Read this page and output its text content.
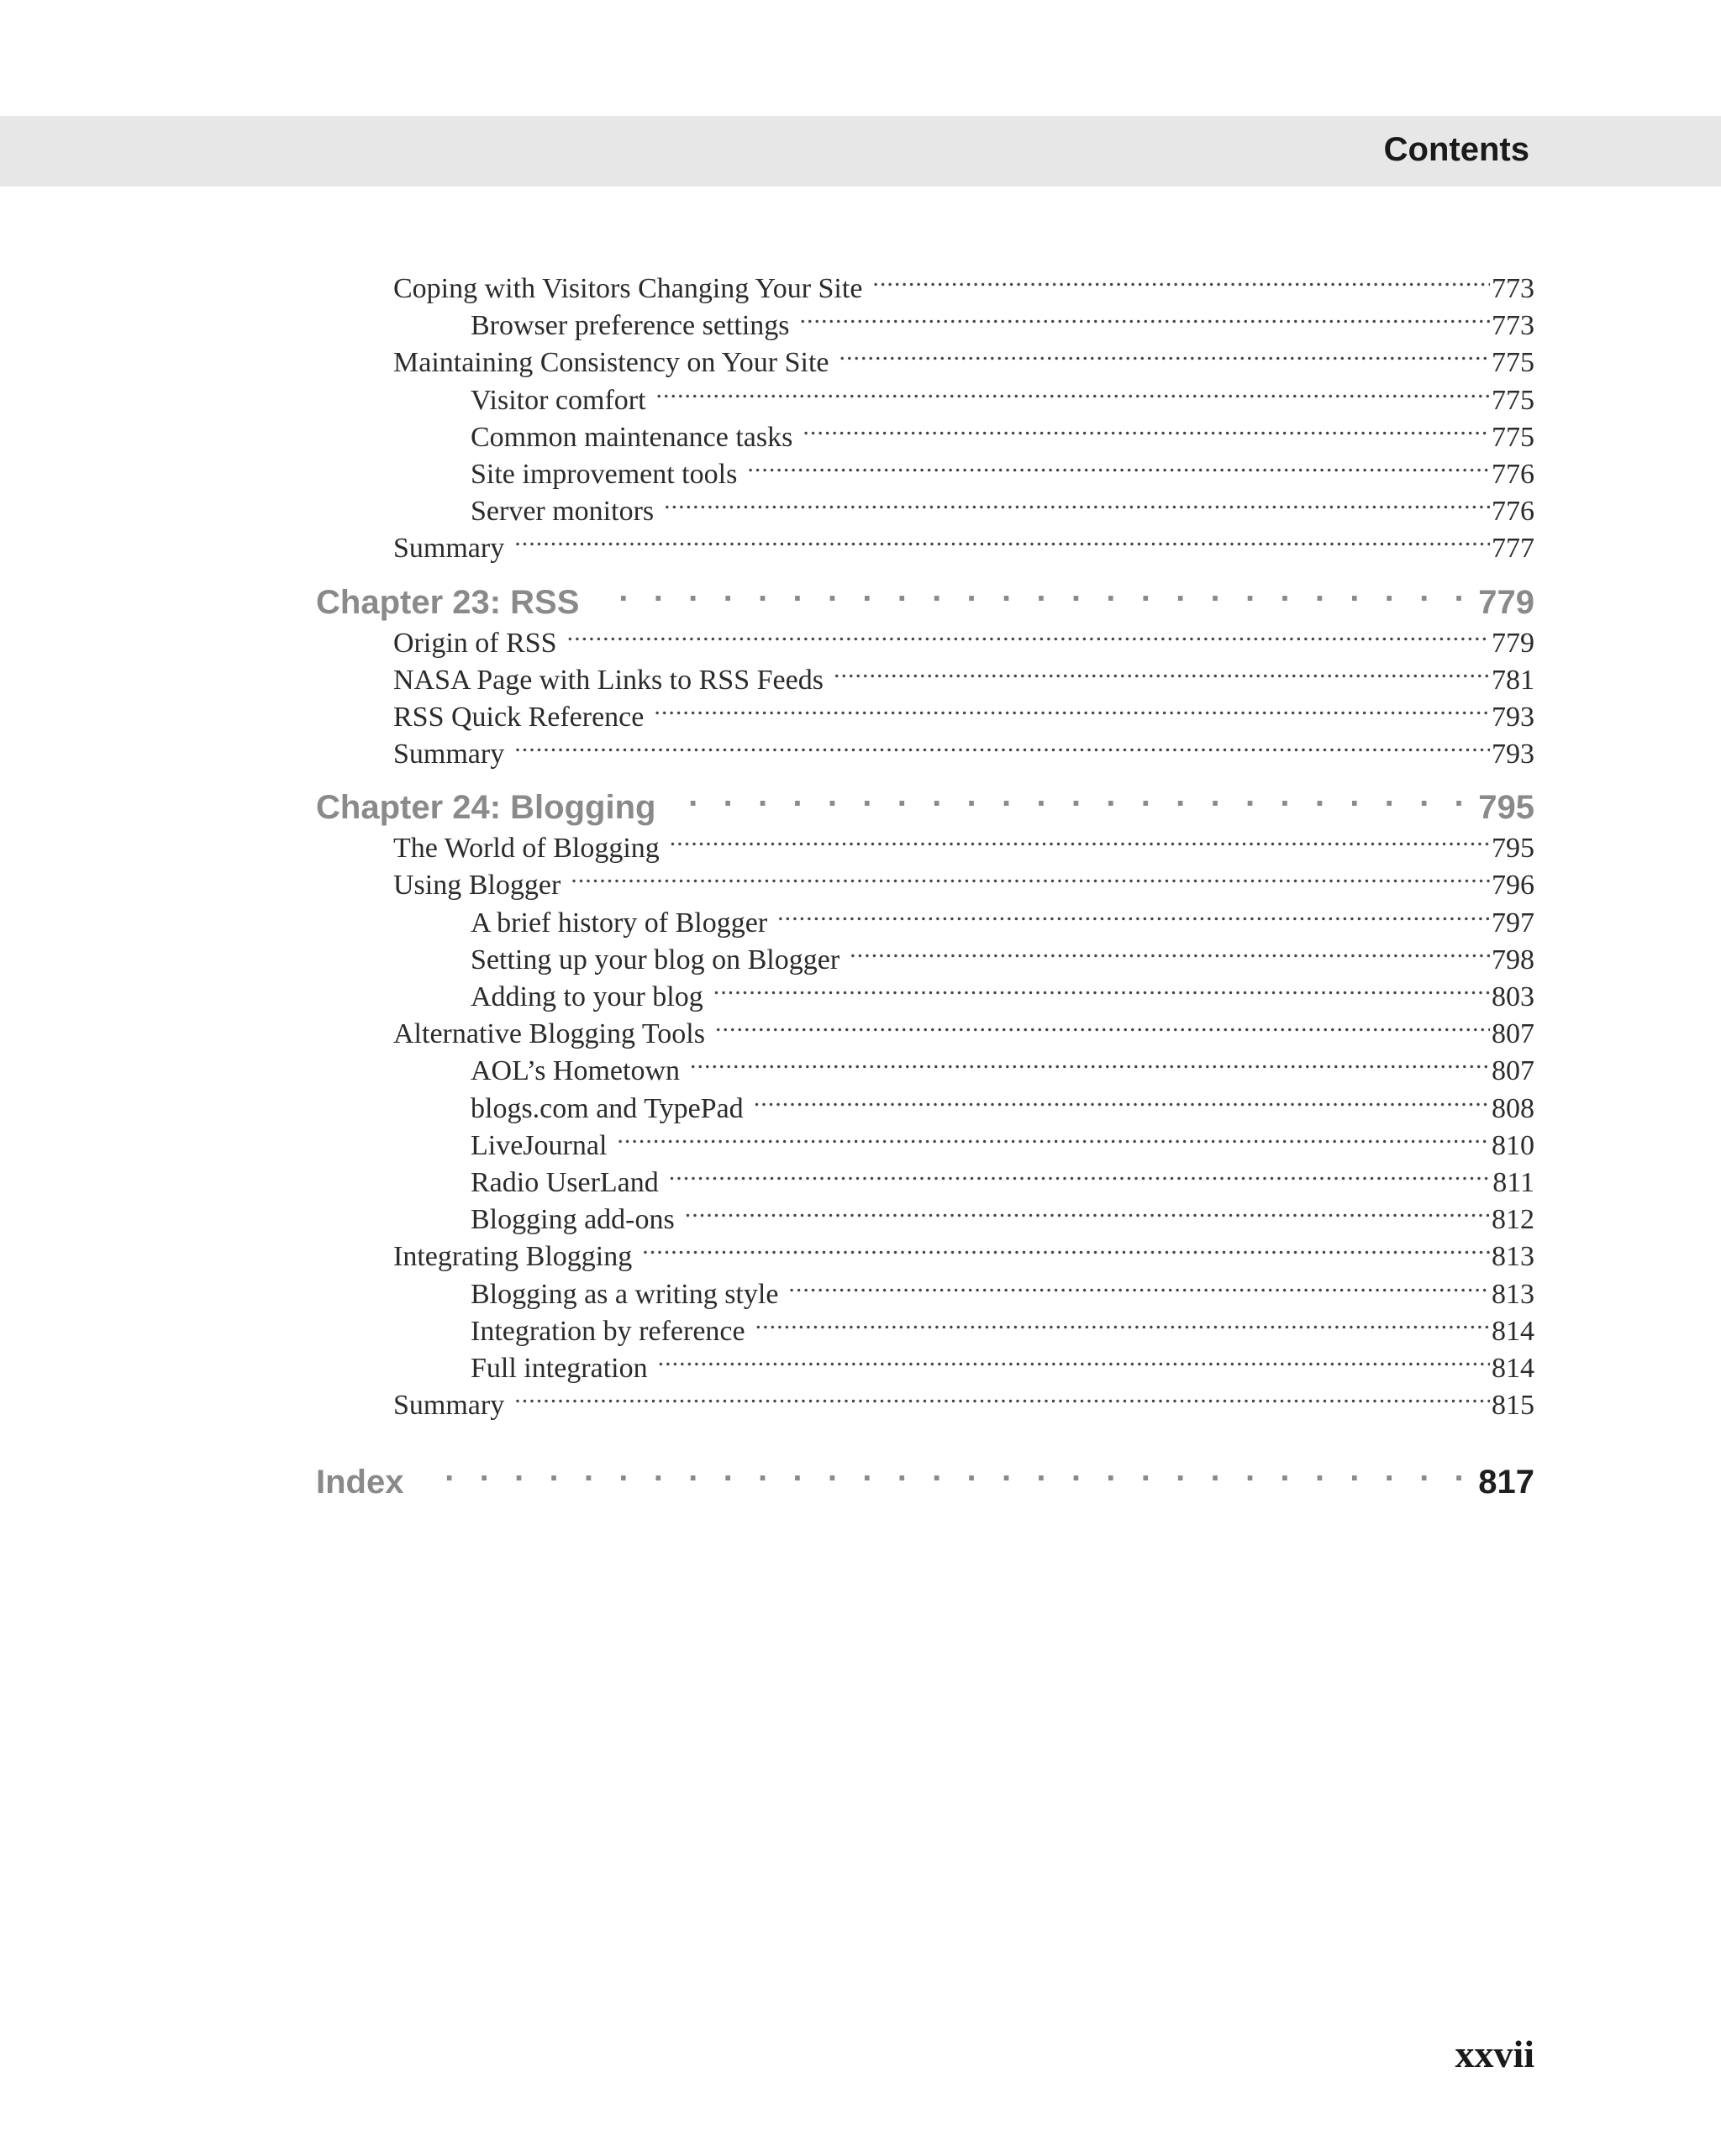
Contents
Coping with Visitors Changing Your Site .....	773
Browser preference settings .....	773
Maintaining Consistency on Your Site .....	775
Visitor comfort .....	775
Common maintenance tasks .....	775
Site improvement tools .....	776
Server monitors .....	776
Summary .....	777
Chapter 23: RSS . . .	779
Origin of RSS .....	779
NASA Page with Links to RSS Feeds .....	781
RSS Quick Reference .....	793
Summary .....	793
Chapter 24: Blogging . . .	795
The World of Blogging .....	795
Using Blogger .....	796
A brief history of Blogger .....	797
Setting up your blog on Blogger .....	798
Adding to your blog .....	803
Alternative Blogging Tools .....	807
AOL’s Hometown .....	807
blogs.com and TypePad .....	808
LiveJournal .....	810
Radio UserLand .....	811
Blogging add-ons .....	812
Integrating Blogging .....	813
Blogging as a writing style .....	813
Integration by reference .....	814
Full integration .....	814
Summary .....	815
Index . . .	817
xxvii
